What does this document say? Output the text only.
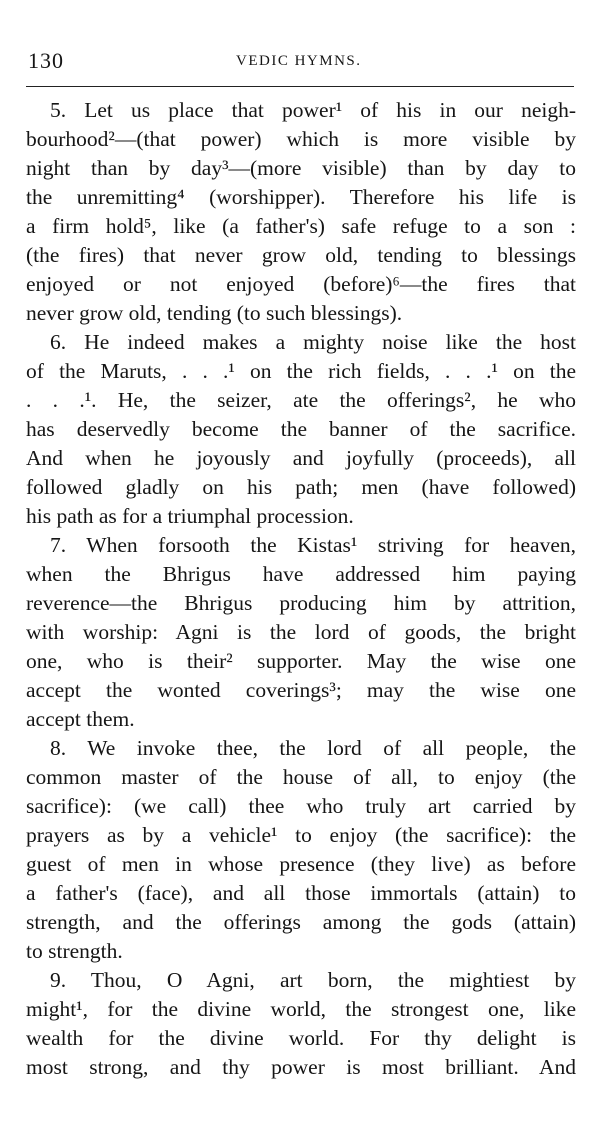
130	VEDIC HYMNS.
5. Let us place that power¹ of his in our neigh-
bourhood²—(that power) which is more visible by
night than by day³—(more visible) than by day to
the unremitting⁴ (worshipper). Therefore his life is
a firm hold⁵, like (a father's) safe refuge to a son :
(the fires) that never grow old, tending to blessings
enjoyed or not enjoyed (before)⁶—the fires that
never grow old, tending (to such blessings).
6. He indeed makes a mighty noise like the host
of the Maruts, . . .¹ on the rich fields, . . .¹ on the
. . .¹. He, the seizer, ate the offerings², he who
has deservedly become the banner of the sacrifice.
And when he joyously and joyfully (proceeds), all
followed gladly on his path; men (have followed)
his path as for a triumphal procession.
7. When forsooth the Kistas¹ striving for heaven,
when the Bhrigus have addressed him paying
reverence—the Bhrigus producing him by attrition,
with worship: Agni is the lord of goods, the bright
one, who is their² supporter. May the wise one
accept the wonted coverings³; may the wise one
accept them.
8. We invoke thee, the lord of all people, the
common master of the house of all, to enjoy (the
sacrifice): (we call) thee who truly art carried by
prayers as by a vehicle¹ to enjoy (the sacrifice): the
guest of men in whose presence (they live) as before
a father's (face), and all those immortals (attain) to
strength, and the offerings among the gods (attain)
to strength.
9. Thou, O Agni, art born, the mightiest by
might¹, for the divine world, the strongest one, like
wealth for the divine world. For thy delight is
most strong, and thy power is most brilliant. And
